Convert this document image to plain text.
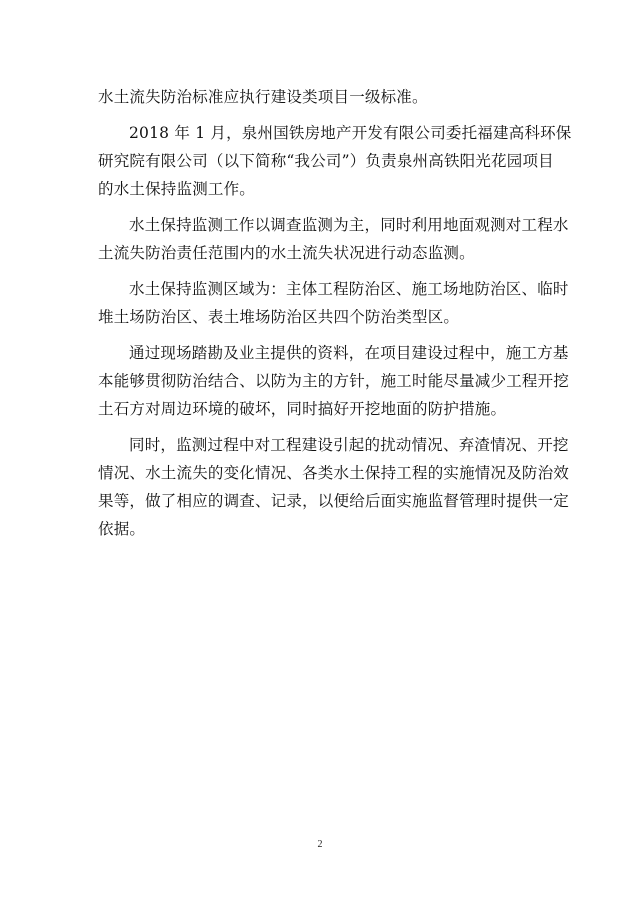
水土流失防治标准应执行建设类项目一级标准。

2018 年 1 月，泉州国铁房地产开发有限公司委托福建高科环保
研究院有限公司（以下简称“我公司”）负责泉州高铁阳光花园项目
的水土保持监测工作。

水土保持监测工作以调查监测为主，同时利用地面观测对工程水
土流失防治责任范围内的水土流失状况进行动态监测。

水土保持监测区域为：主体工程防治区、施工场地防治区、临时
堆土场防治区、表土堆场防治区共四个防治类型区。

通过现场踏勘及业主提供的资料，在项目建设过程中，施工方基
本能够贯彻防治结合、以防为主的方针，施工时能尽量减少工程开挖
土石方对周边环境的破坏，同时搞好开挖地面的防护措施。

同时，监测过程中对工程建设引起的扰动情况、弃渣情况、开挖
情况、水土流失的变化情况、各类水土保持工程的实施情况及防治效
果等，做了相应的调查、记录，以便给后面实施监督管理时提供一定
依据。

2
